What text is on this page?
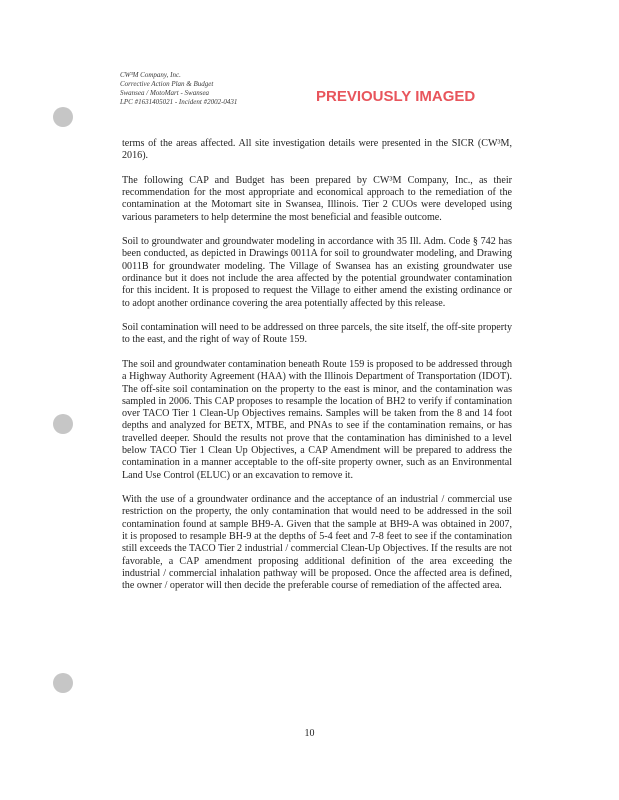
CW³M Company, Inc.
Corrective Action Plan & Budget
Swansea / MotoMart - Swansea
LPC #1631405021 - Incident #2002-0431	PREVIOUSLY IMAGED

terms of the areas affected. All site investigation details were presented in the SICR (CW³M, 2016).

The following CAP and Budget has been prepared by CW³M Company, Inc., as their recommendation for the most appropriate and economical approach to the remediation of the contamination at the Motomart site in Swansea, Illinois. Tier 2 CUOs were developed using various parameters to help determine the most beneficial and feasible outcome.

Soil to groundwater and groundwater modeling in accordance with 35 Ill. Adm. Code § 742 has been conducted, as depicted in Drawings 0011A for soil to groundwater modeling, and Drawing 0011B for groundwater modeling. The Village of Swansea has an existing groundwater use ordinance but it does not include the area affected by the potential groundwater contamination for this incident. It is proposed to request the Village to either amend the existing ordinance or to adopt another ordinance covering the area potentially affected by this release.

Soil contamination will need to be addressed on three parcels, the site itself, the off-site property to the east, and the right of way of Route 159.

The soil and groundwater contamination beneath Route 159 is proposed to be addressed through a Highway Authority Agreement (HAA) with the Illinois Department of Transportation (IDOT). The off-site soil contamination on the property to the east is minor, and the contamination was sampled in 2006. This CAP proposes to resample the location of BH2 to verify if contamination over TACO Tier 1 Clean-Up Objectives remains. Samples will be taken from the 8 and 14 foot depths and analyzed for BETX, MTBE, and PNAs to see if the contamination remains, or has travelled deeper. Should the results not prove that the contamination has diminished to a level below TACO Tier 1 Clean Up Objectives, a CAP Amendment will be prepared to address the contamination in a manner acceptable to the off-site property owner, such as an Environmental Land Use Control (ELUC) or an excavation to remove it.

With the use of a groundwater ordinance and the acceptance of an industrial / commercial use restriction on the property, the only contamination that would need to be addressed in the soil contamination found at sample BH9-A. Given that the sample at BH9-A was obtained in 2007, it is proposed to resample BH-9 at the depths of 5-4 feet and 7-8 feet to see if the contamination still exceeds the TACO Tier 2 industrial / commercial Clean-Up Objectives. If the results are not favorable, a CAP amendment proposing additional definition of the area exceeding the industrial / commercial inhalation pathway will be proposed. Once the affected area is defined, the owner / operator will then decide the preferable course of remediation of the affected area.

10
